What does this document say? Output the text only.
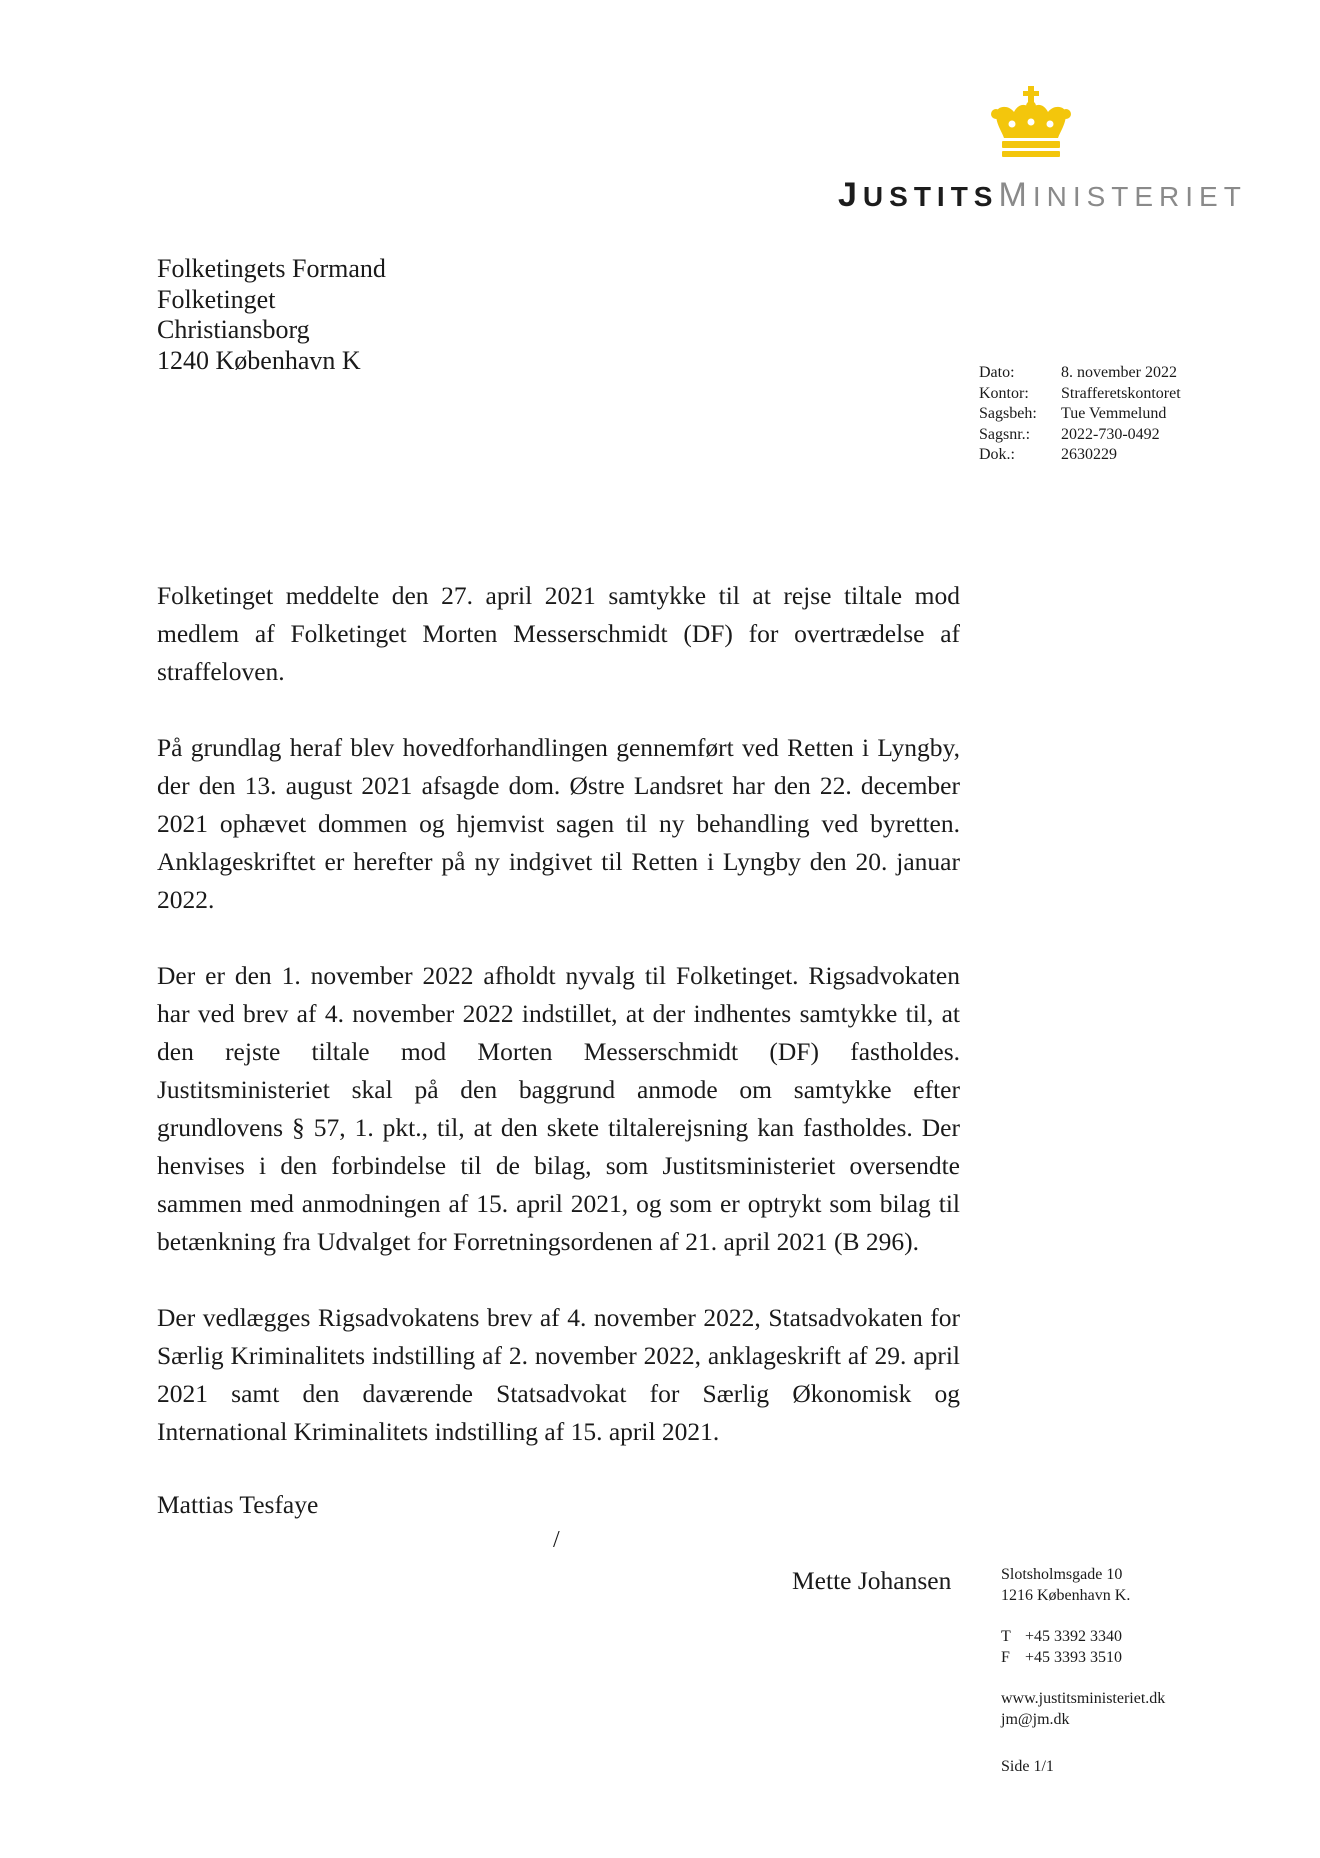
JUSTITSMINISTERIET
Folketingets Formand
Folketinget
Christiansborg
1240 København K	Dato:	8. november 2022
Kontor:	Strafferetskontoret
Sagsbeh:	Tue Vemmelund
Sagsnr.:	2022-730-0492
Dok.:	2630229

Folketinget meddelte den 27. april 2021 samtykke til at rejse tiltale mod medlem af Folketinget Morten Messerschmidt (DF) for overtrædelse af straffeloven.

På grundlag heraf blev hovedforhandlingen gennemført ved Retten i Lyngby, der den 13. august 2021 afsagde dom. Østre Landsret har den 22. december 2021 ophævet dommen og hjemvist sagen til ny behandling ved byretten. Anklageskriftet er herefter på ny indgivet til Retten i Lyngby den 20. januar 2022.

Der er den 1. november 2022 afholdt nyvalg til Folketinget. Rigsadvokaten har ved brev af 4. november 2022 indstillet, at der indhentes samtykke til, at den rejste tiltale mod Morten Messerschmidt (DF) fastholdes. Justitsministeriet skal på den baggrund anmode om samtykke efter grundlovens § 57, 1. pkt., til, at den skete tiltalerejsning kan fastholdes. Der henvises i den forbindelse til de bilag, som Justitsministeriet oversendte sammen med anmodningen af 15. april 2021, og som er optrykt som bilag til betænkning fra Udvalget for Forretningsordenen af 21. april 2021 (B 296).

Der vedlægges Rigsadvokatens brev af 4. november 2022, Statsadvokaten for Særlig Kriminalitets indstilling af 2. november 2022, anklageskrift af 29. april 2021 samt den daværende Statsadvokat for Særlig Økonomisk og International Kriminalitets indstilling af 15. april 2021.

Mattias Tesfaye
/
Mette Johansen	Slotsholmsgade 10
1216 København K.
T +45 3392 3340
F +45 3393 3510
www.justitsministeriet.dk
jm@jm.dk
Side 1/1
